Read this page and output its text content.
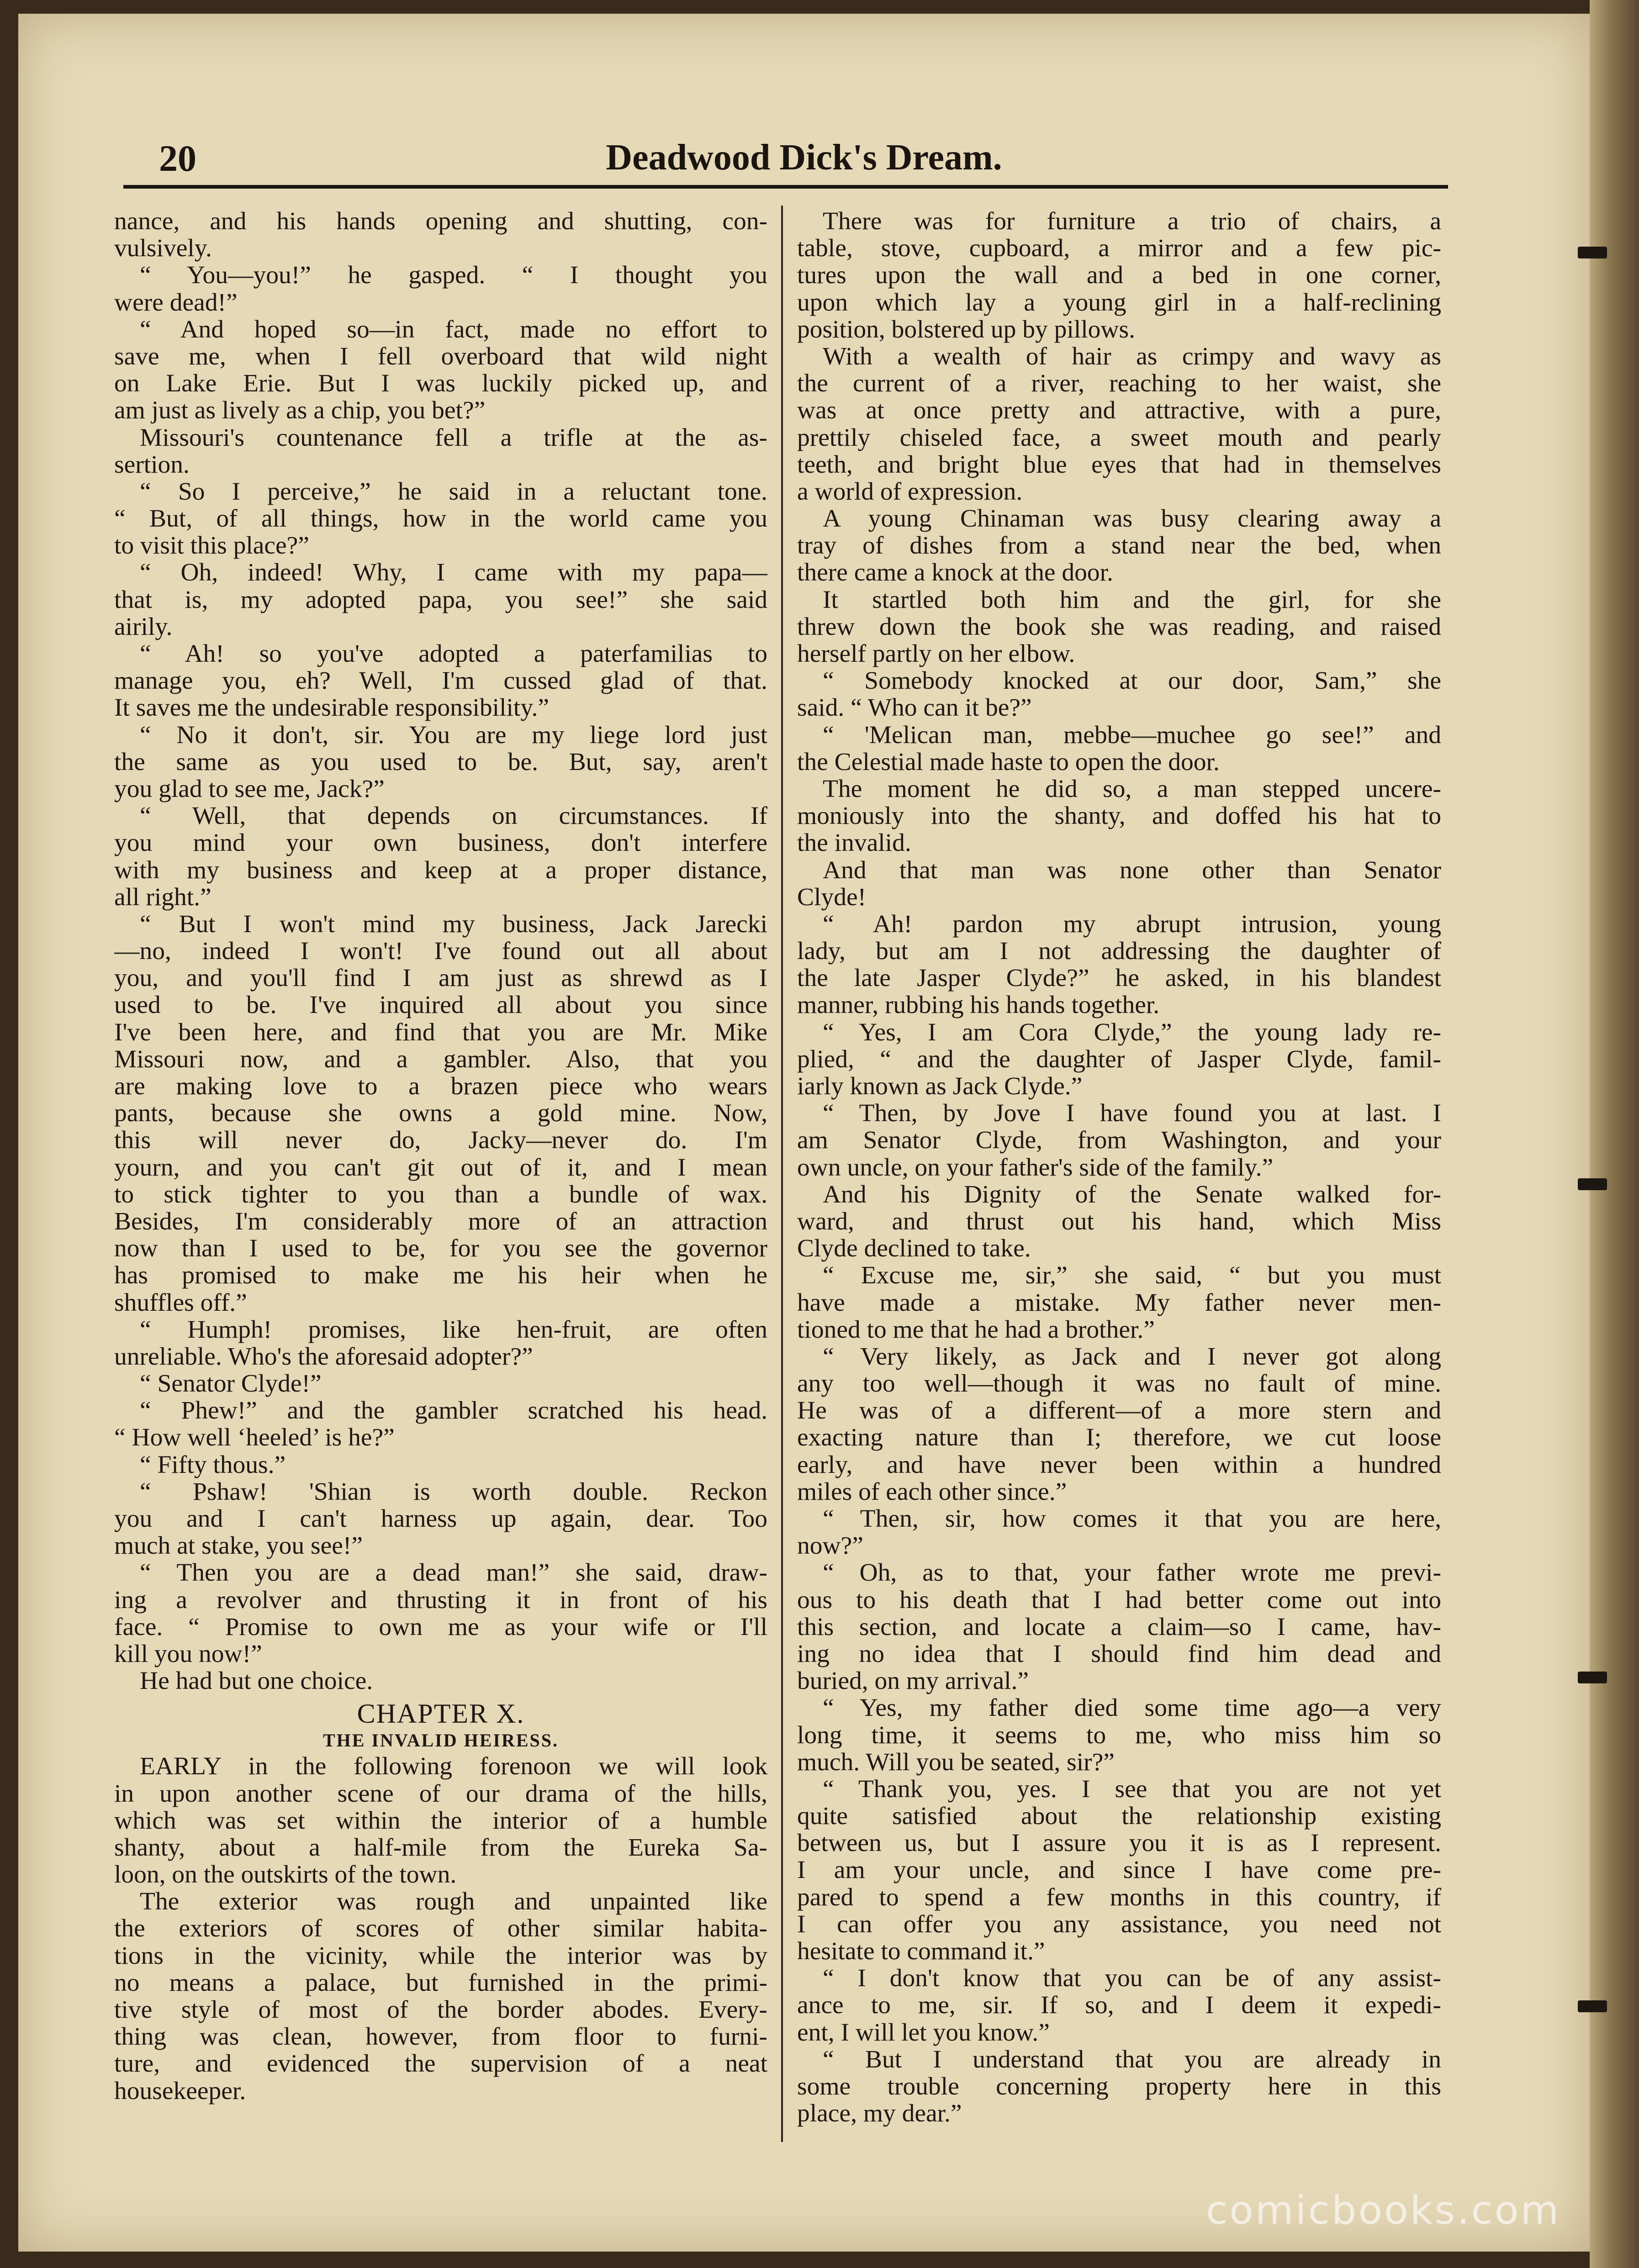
20	Deadwood Dick's Dream.
nance, and his hands opening and shutting, con-
vulsively.
“ You—you!” he gasped. “ I thought you
were dead!”
“ And hoped so—in fact, made no effort to
save me, when I fell overboard that wild night
on Lake Erie. But I was luckily picked up, and
am just as lively as a chip, you bet?”
Missouri's countenance fell a trifle at the as-
sertion.
“ So I perceive,” he said in a reluctant tone.
“ But, of all things, how in the world came you
to visit this place?”
“ Oh, indeed! Why, I came with my papa—
that is, my adopted papa, you see!” she said
airily.
“ Ah! so you've adopted a paterfamilias to
manage you, eh? Well, I'm cussed glad of that.
It saves me the undesirable responsibility.”
“ No it don't, sir. You are my liege lord just
the same as you used to be. But, say, aren't
you glad to see me, Jack?”
“ Well, that depends on circumstances. If
you mind your own business, don't interfere
with my business and keep at a proper distance,
all right.”
“ But I won't mind my business, Jack Jarecki
—no, indeed I won't! I've found out all about
you, and you'll find I am just as shrewd as I
used to be. I've inquired all about you since
I've been here, and find that you are Mr. Mike
Missouri now, and a gambler. Also, that you
are making love to a brazen piece who wears
pants, because she owns a gold mine. Now,
this will never do, Jacky—never do. I'm
yourn, and you can't git out of it, and I mean
to stick tighter to you than a bundle of wax.
Besides, I'm considerably more of an attraction
now than I used to be, for you see the governor
has promised to make me his heir when he
shuffles off.”
“ Humph! promises, like hen-fruit, are often
unreliable. Who's the aforesaid adopter?”
“ Senator Clyde!”
“ Phew!” and the gambler scratched his head.
“ How well ‘heeled’ is he?”
“ Fifty thous.”
“ Pshaw! 'Shian is worth double. Reckon
you and I can't harness up again, dear. Too
much at stake, you see!”
“ Then you are a dead man!” she said, draw-
ing a revolver and thrusting it in front of his
face. “ Promise to own me as your wife or I'll
kill you now!”
He had but one choice.
CHAPTER X.
THE INVALID HEIRESS.
EARLY in the following forenoon we will look
in upon another scene of our drama of the hills,
which was set within the interior of a humble
shanty, about a half-mile from the Eureka Sa-
loon, on the outskirts of the town.
The exterior was rough and unpainted like
the exteriors of scores of other similar habita-
tions in the vicinity, while the interior was by
no means a palace, but furnished in the primi-
tive style of most of the border abodes. Every-
thing was clean, however, from floor to furni-
ture, and evidenced the supervision of a neat
housekeeper.
There was for furniture a trio of chairs, a
table, stove, cupboard, a mirror and a few pic-
tures upon the wall and a bed in one corner,
upon which lay a young girl in a half-reclining
position, bolstered up by pillows.
With a wealth of hair as crimpy and wavy as
the current of a river, reaching to her waist, she
was at once pretty and attractive, with a pure,
prettily chiseled face, a sweet mouth and pearly
teeth, and bright blue eyes that had in themselves
a world of expression.
A young Chinaman was busy clearing away a
tray of dishes from a stand near the bed, when
there came a knock at the door.
It startled both him and the girl, for she
threw down the book she was reading, and raised
herself partly on her elbow.
“ Somebody knocked at our door, Sam,” she
said. “ Who can it be?”
“ 'Melican man, mebbe—muchee go see!” and
the Celestial made haste to open the door.
The moment he did so, a man stepped uncere-
moniously into the shanty, and doffed his hat to
the invalid.
And that man was none other than Senator
Clyde!
“ Ah! pardon my abrupt intrusion, young
lady, but am I not addressing the daughter of
the late Jasper Clyde?” he asked, in his blandest
manner, rubbing his hands together.
“ Yes, I am Cora Clyde,” the young lady re-
plied, “ and the daughter of Jasper Clyde, famil-
iarly known as Jack Clyde.”
“ Then, by Jove I have found you at last. I
am Senator Clyde, from Washington, and your
own uncle, on your father's side of the family.”
And his Dignity of the Senate walked for-
ward, and thrust out his hand, which Miss
Clyde declined to take.
“ Excuse me, sir,” she said, “ but you must
have made a mistake. My father never men-
tioned to me that he had a brother.”
“ Very likely, as Jack and I never got along
any too well—though it was no fault of mine.
He was of a different—of a more stern and
exacting nature than I; therefore, we cut loose
early, and have never been within a hundred
miles of each other since.”
“ Then, sir, how comes it that you are here,
now?”
“ Oh, as to that, your father wrote me previ-
ous to his death that I had better come out into
this section, and locate a claim—so I came, hav-
ing no idea that I should find him dead and
buried, on my arrival.”
“ Yes, my father died some time ago—a very
long time, it seems to me, who miss him so
much. Will you be seated, sir?”
“ Thank you, yes. I see that you are not yet
quite satisfied about the relationship existing
between us, but I assure you it is as I represent.
I am your uncle, and since I have come pre-
pared to spend a few months in this country, if
I can offer you any assistance, you need not
hesitate to command it.”
“ I don't know that you can be of any assist-
ance to me, sir. If so, and I deem it expedi-
ent, I will let you know.”
“ But I understand that you are already in
some trouble concerning property here in this
place, my dear.”
comicbooks.com
